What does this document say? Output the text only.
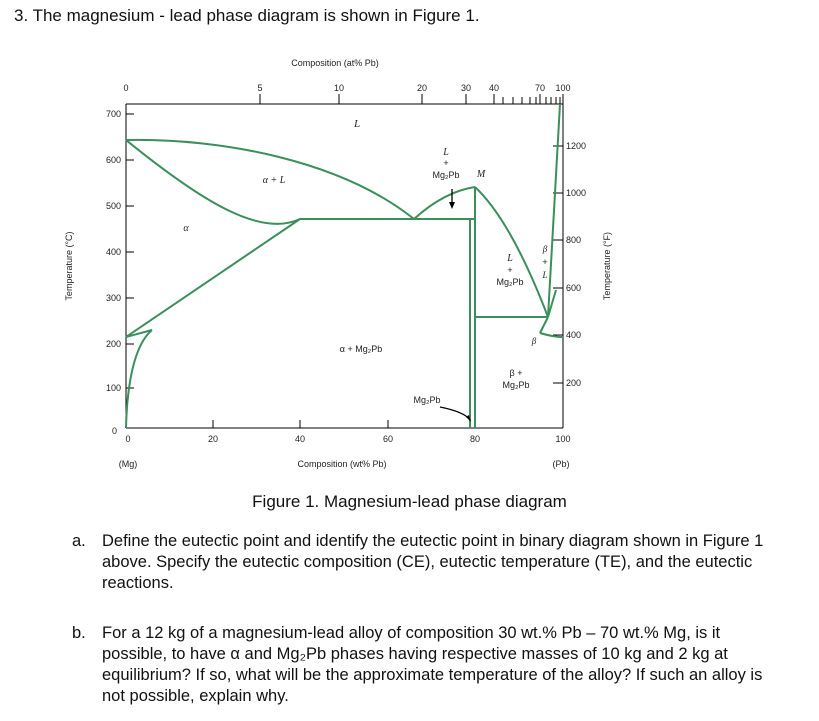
3. The magnesium - lead phase diagram is shown in Figure 1.
Composition (at% Pb)
0	5	10	20	30 40	70 100
Temperature (°C)
700
600
500
400
300
200
100
0
Temperature (°F)
1200
1000
800
600
400
200
0	20	40	60	80	100
(Mg)	(Pb)
Composition (wt% Pb)
L
α + L
α
α + Mg₂Pb
L
+
Mg₂Pb M
L
+
Mg₂Pb
β
+
L
β
β +
Mg₂Pb
Mg₂Pb
Figure 1. Magnesium-lead phase diagram
a. Define the eutectic point and identify the eutectic point in binary diagram shown in Figure 1 above. Specify the eutectic composition (CE), eutectic temperature (TE), and the eutectic reactions.
b. For a 12 kg of a magnesium-lead alloy of composition 30 wt.% Pb – 70 wt.% Mg, is it possible, to have α and Mg₂Pb phases having respective masses of 10 kg and 2 kg at equilibrium? If so, what will be the approximate temperature of the alloy? If such an alloy is not possible, explain why.
